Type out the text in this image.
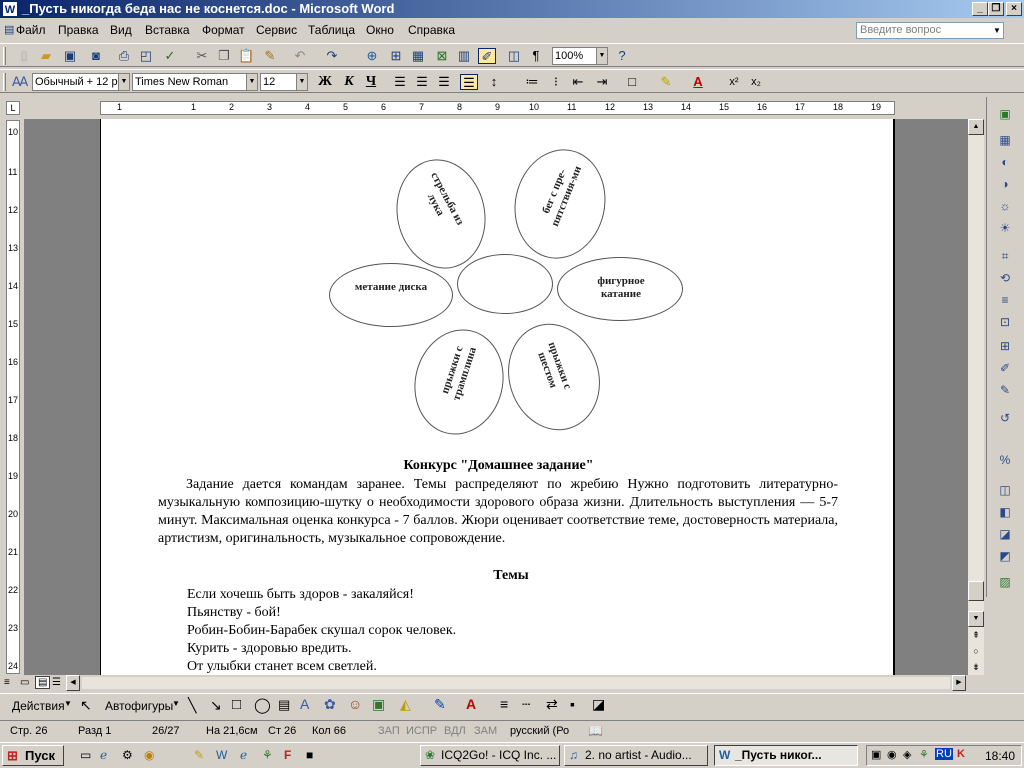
W _Пусть никогда беда нас не коснется.doc - Microsoft Word	_ ❐	×
▤ Файл Правка Вид Вставка Формат Сервис Таблица Окно Справка	Введите вопрос	▼
▯	▰ ▣	◙	⎙ ◰ ✓ ✂ ❐ 📋 ✎ ↶ ↷ ⊕ ⊞ ▦ ⊠ ▥ ✐ ◫ ¶	100%	▼ ?
Ꜳ Обычный + 12 р ▼ Times New Roman	▼ 12	▼ Ж К Ч ☰ ☰ ☰ ☰	↕	≔	⁝	⇤ ⇥	□	✎ A	x²	x₂
L	1	1	2	3	4	5	6	7	8	9	10	11	12	13	14	15	16	17	18	19
10
11
12
13
14
15
16
17
18
19
20
21
22
23
24
стрельба из лука	бег с пре-пятствия-ми
метание диска	фигурное катание
прыжки с трамплина	прыжки с шестом
Конкурс "Домашнее задание"
Задание дается командам заранее. Темы распределяют по жребию Нужно подготовить литературно-музыкальную композицию-шутку о необходимости здорового образа жизни. Длительность выступления — 5-7 минут. Максимальная оценка конкурса - 7 баллов. Жюри оценивает соответствие теме, достоверность материала, артистизм, оригинальность, музыкальное сопровождение.
Темы
Если хочешь быть здоров - закаляйся!
Пьянству - бой!
Робин-Бобин-Барабек скушал сорок человек.
Курить - здоровью вредить.
От улыбки станет всем светлей.
▲
▼
⇞
○
⇟
≡ ▭ ▤ ☰	◀	▶
▣
▦
◐
◑
☼
☀
⌗
⟲
≡
⊡
⊞
✐
✎
↺
%
◫
◧
◪
◩
▨
Действия ▼ ↖ Автофигуры
▼ ╲ ↘ □ ◯ ▤ A ✿ ☺ ▣ ◭ ✎ A ≡ ┄ ⇄ ▪ ◪
Стр. 26	Разд 1	26/27 На 21,6см Ст 26 Кол 66	ЗАП ИСПР ВДЛ ЗАМ русский (Ро 📖
⊞ Пуск	▭ ℯ ⚙ ◉	✎ W ℯ ⚘ F ■	❀ ICQ2Go! - ICQ Inc. ...	♫ 2. no artist - Audio...	W _Пусть никог...	▣ ◉ ◈ ⚘ RU K 18:40
